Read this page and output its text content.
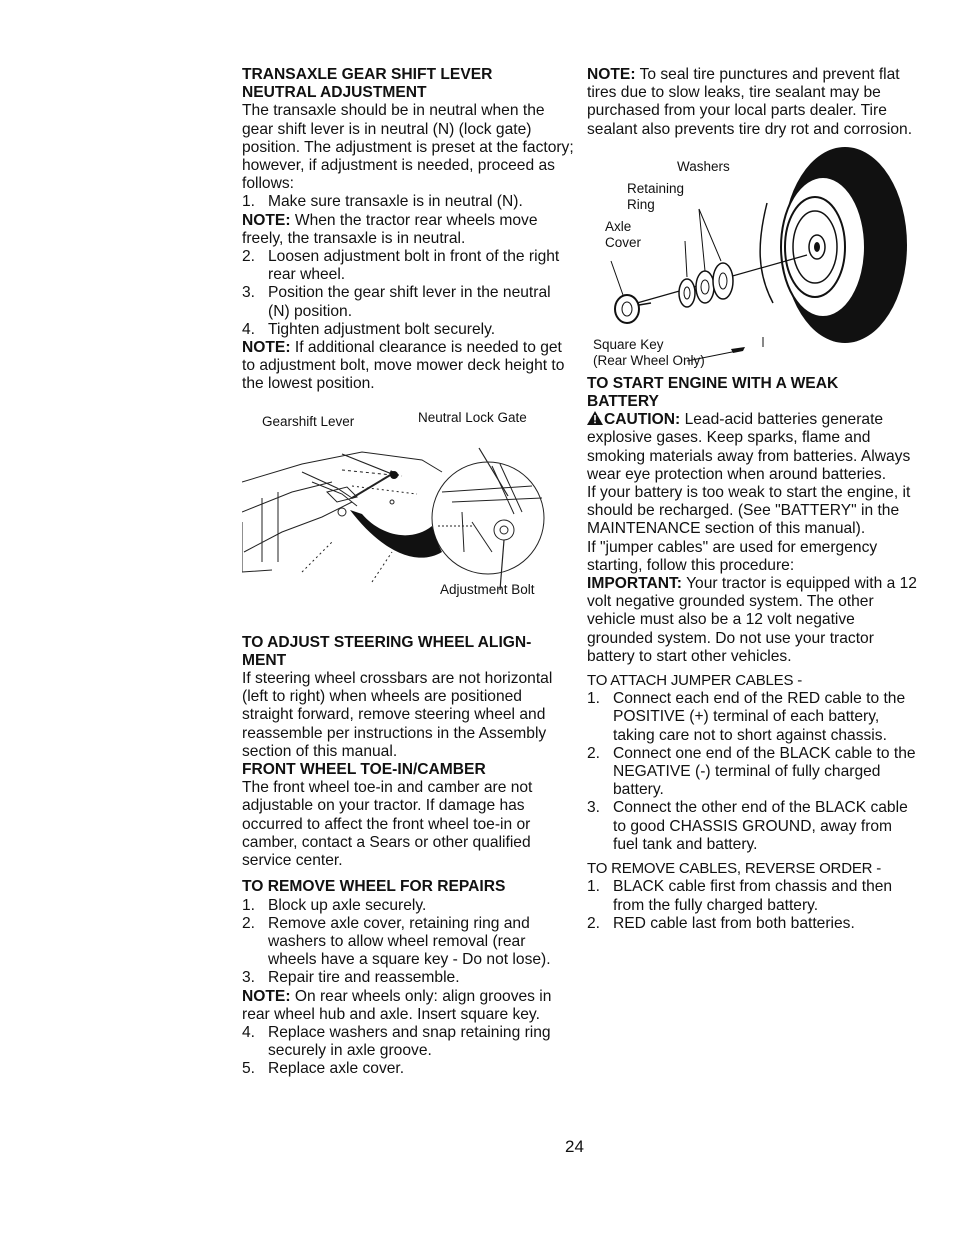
TRANSAXLE GEAR SHIFT LEVER
NEUTRAL ADJUSTMENT

The transaxle should be in neutral when the gear shift lever is in neutral (N) (lock gate) position. The adjustment is preset at the factory; however, if adjustment is needed, proceed as follows:

1. Make sure transaxle is in neutral (N).

NOTE: When the tractor rear wheels move freely, the transaxle is in neutral.

2. Loosen adjustment bolt in front of the right rear wheel.
3. Position the gear shift lever in the neutral (N) position.
4. Tighten adjustment bolt securely.

NOTE: If additional clearance is needed to get to adjustment bolt, move mower deck height to the lowest position.

Gearshift Lever	Neutral Lock Gate
Adjustment Bolt
TO ADJUST STEERING WHEEL ALIGN-
MENT

If steering wheel crossbars are not horizontal (left to right) when wheels are positioned straight forward, remove steering wheel and reassemble per instructions in the Assembly section of this manual.

FRONT WHEEL TOE-IN/CAMBER

The front wheel toe-in and camber are not adjustable on your tractor. If damage has occurred to affect the front wheel toe-in or camber, contact a Sears or other qualified service center.

TO REMOVE WHEEL FOR REPAIRS
1. Block up axle securely.
2. Remove axle cover, retaining ring and washers to allow wheel removal (rear wheels have a square key - Do not lose).
3. Repair tire and reassemble.

NOTE: On rear wheels only: align grooves in rear wheel hub and axle. Insert square key.

4. Replace washers and snap retaining ring securely in axle groove.
5. Replace axle cover.

NOTE: To seal tire punctures and prevent flat tires due to slow leaks, tire sealant may be purchased from your local parts dealer. Tire sealant also prevents tire dry rot and corrosion.

Washers
Retaining
Ring
Axle
Cover
Square Key
(Rear Wheel Only)
TO START ENGINE WITH A WEAK
BATTERY

CAUTION: Lead-acid batteries generate explosive gases. Keep sparks, flame and smoking materials away from batteries. Always wear eye protection when around batteries.

If your battery is too weak to start the engine, it should be recharged. (See "BATTERY" in the MAINTENANCE section of this manual).

If "jumper cables" are used for emergency starting, follow this procedure:

IMPORTANT: Your tractor is equipped with a 12 volt negative grounded system. The other vehicle must also be a 12 volt negative grounded system. Do not use your tractor battery to start other vehicles.

TO ATTACH JUMPER CABLES -
1. Connect each end of the RED cable to the POSITIVE (+) terminal of each battery, taking care not to short against chassis.
2. Connect one end of the BLACK cable to the NEGATIVE (-) terminal of fully charged battery.
3. Connect the other end of the BLACK cable to good CHASSIS GROUND, away from fuel tank and battery.
TO REMOVE CABLES, REVERSE ORDER -
1. BLACK cable first from chassis and then from the fully charged battery.
2. RED cable last from both batteries.
24
